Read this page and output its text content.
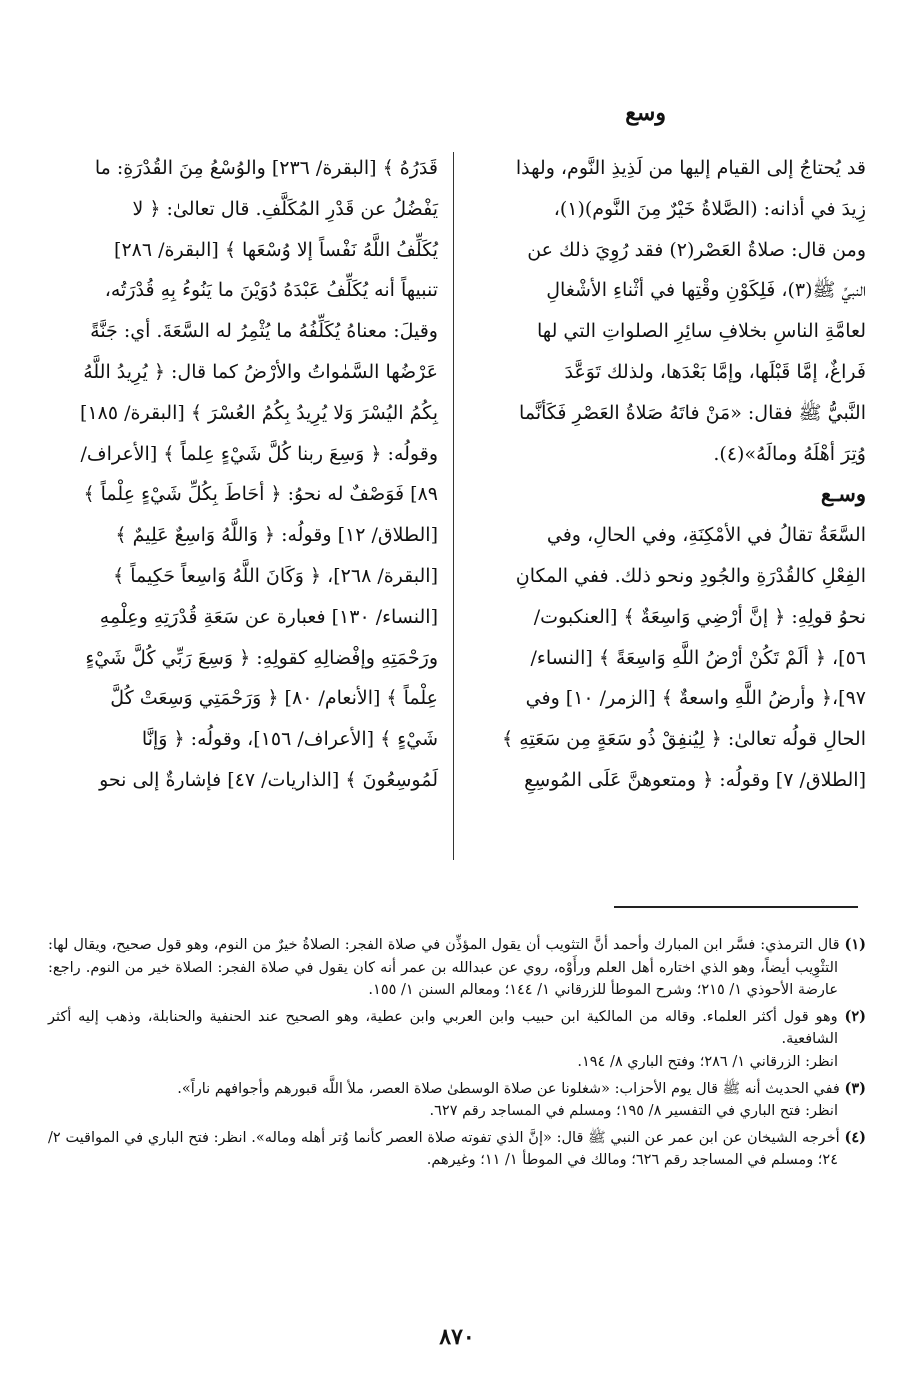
وسع

قد يُحتاجُ إلى القيام إليها من لَذِيذِ النَّوم، ولهذا

زِيدَ في أذانه: (الصَّلاةُ خَيْرٌ مِنَ النَّوم)(١)،

ومن قال: صلاةُ العَصْر(٢) فقد رُوِيَ ذلك عن

النبيِّ ﷺ(٣)، فَلِكَوْنِ وقْتِها في أثْناءِ الأشْغالِ

لعامَّةِ الناسِ بخلافِ سائِرِ الصلواتِ التي لها

فَراغٌ، إمَّا قَبْلَها، وإمَّا بَعْدَها، ولذلك تَوَعَّدَ

النَّبيُّ ﷺ فقال: «مَنْ فاتَهُ صَلاةُ العَصْرِ فَكَأنَّما

وُتِرَ أهْلَهُ ومالَهُ»(٤).

وسـع

السَّعَةُ تقالُ في الأمْكِنَةِ، وفي الحالِ، وفي

الفِعْلِ كالقُدْرَةِ والجُودِ ونحو ذلك. ففي المكانِ

نحوُ قولِهِ: ﴿ إنَّ أرْضِي وَاسِعَةٌ ﴾ [العنكبوت/

٥٦]، ﴿ ألَمْ تَكُنْ أرْضُ اللَّهِ وَاسِعَةً ﴾ [النساء/

٩٧]،﴿ وأرضُ اللَّهِ واسعةٌ ﴾ [الزمر/ ١٠] وفي

الحالِ قولُه تعالىٰ: ﴿ لِيُنفِقْ ذُو سَعَةٍ مِن سَعَتِهِ ﴾

[الطلاق/ ٧] وقولُه: ﴿ ومتعوهنَّ عَلَى المُوسِعِ

قَدَرُهُ ﴾ [البقرة/ ٢٣٦] والوُسْعُ مِنَ القُدْرَةِ: ما

يَفْضُلُ عن قَدْرِ المُكَلَّفِ. قال تعالىٰ: ﴿ لا

يُكَلِّفُ اللَّهُ نَفْساً إلا وُسْعَها ﴾ [البقرة/ ٢٨٦]

تنبيهاً أنه يُكَلِّفُ عَبْدَهُ دُوَيْنَ ما يَنُوءُ بِهِ قُدْرَتُه،

وقيلَ: معناهُ يُكَلِّفُهُ ما يُثْمِرُ له السَّعَةَ. أي: جَنَّةً

عَرْضُها السَّمٰواتُ والأرْضُ كما قال: ﴿ يُرِيدُ اللَّهُ

بِكُمُ اليُسْرَ وَلا يُرِيدُ بِكُمُ العُسْرَ ﴾ [البقرة/ ١٨٥]

وقولُه: ﴿ وَسِعَ ربنا كُلَّ شَيْءٍ عِلماً ﴾ [الأعراف/

٨٩] فَوَصْفٌ له نحوُ: ﴿ أحَاطَ بِكُلِّ شَيْءٍ عِلْماً ﴾

[الطلاق/ ١٢] وقولُه: ﴿ وَاللَّهُ وَاسِعٌ عَلِيمٌ ﴾

[البقرة/ ٢٦٨]، ﴿ وَكَانَ اللَّهُ وَاسِعاً حَكِيماً ﴾

[النساء/ ١٣٠] فعبارة عن سَعَةِ قُدْرَتِهِ وعِلْمِهِ

ورَحْمَتِهِ وإفْضالِهِ كقولِهِ: ﴿ وَسِعَ رَبِّي كُلَّ شَيْءٍ

عِلْماً ﴾ [الأنعام/ ٨٠] ﴿ وَرَحْمَتِي وَسِعَتْ كُلَّ

شَيْءٍ ﴾ [الأعراف/ ١٥٦]، وقولُه: ﴿ وَإنَّا

لَمُوسِعُونَ ﴾ [الذاريات/ ٤٧] فإشارةٌ إلى نحو

(١) قال الترمذي: فسَّر ابن المبارك وأحمد أنَّ التثويب أن يقول المؤذِّن في صلاة الفجر: الصلاةُ خيرٌ من النوم، وهو قول صحيح، ويقال لها: التثْوِيب أيضاً، وهو الذي اختاره أهل العلم ورأَوْه، روي عن عبدالله بن عمر أنه كان يقول في صلاة الفجر: الصلاة خير من النوم. راجع: عارضة الأحوذي ١/ ٢١٥؛ وشرح الموطأ للزرقاني ١/ ١٤٤؛ ومعالم السنن ١/ ١٥٥.

(٢) وهو قول أكثر العلماء. وقاله من المالكية ابن حبيب وابن العربي وابن عطية، وهو الصحيح عند الحنفية والحنابلة، وذهب إليه أكثر الشافعية.
انظر: الزرقاني ١/ ٢٨٦؛ وفتح الباري ٨/ ١٩٤.

(٣) ففي الحديث أنه ﷺ قال يوم الأحزاب: «شغلونا عن صلاة الوسطىٰ صلاة العصر، ملأ اللَّه قبورهم وأجوافهم ناراً».
انظر: فتح الباري في التفسير ٨/ ١٩٥؛ ومسلم في المساجد رقم ٦٢٧.

(٤) أخرجه الشيخان عن ابن عمر عن النبي ﷺ قال: «إنَّ الذي تفوته صلاة العصر كأنما وُتر أهله وماله». انظر: فتح الباري في المواقيت ٢/ ٢٤؛ ومسلم في المساجد رقم ٦٢٦؛ ومالك في الموطأ ١/ ١١؛ وغيرهم.

٨٧٠
